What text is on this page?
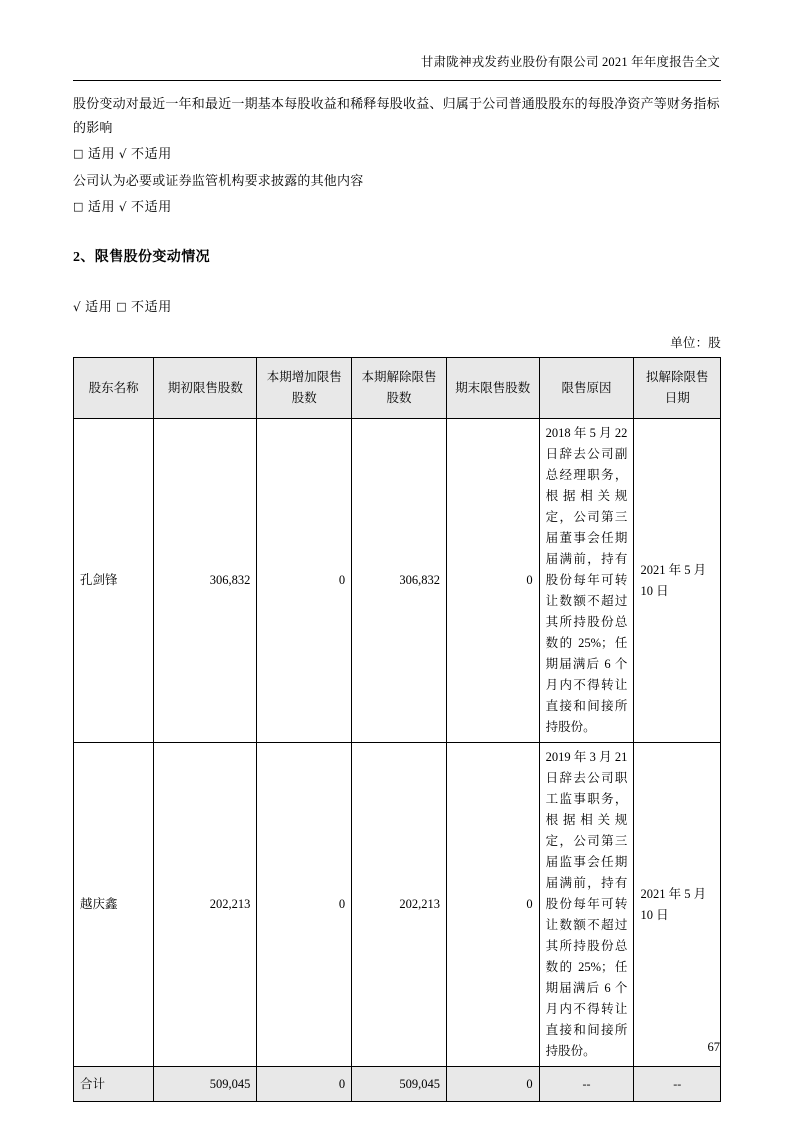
甘肃陇神戎发药业股份有限公司 2021 年年度报告全文

股份变动对最近一年和最近一期基本每股收益和稀释每股收益、归属于公司普通股股东的每股净资产等财务指标的影响

□ 适用 √ 不适用

公司认为必要或证券监管机构要求披露的其他内容

□ 适用 √ 不适用

2、限售股份变动情况

√ 适用 □ 不适用

单位：股

股东名称	期初限售股数	本期增加限售股数	本期解除限售股数	期末限售股数	限售原因	拟解除限售日期
孔剑锋	306,832	0	306,832	0	2018 年 5 月 22 日辞去公司副总经理职务，根据相关规定，公司第三届董事会任期届满前，持有股份每年可转让数额不超过其所持股份总数的 25%；任期届满后 6 个月内不得转让直接和间接所持股份。	2021 年 5 月 10 日
越庆鑫	202,213	0	202,213	0	2019 年 3 月 21 日辞去公司职工监事职务，根据相关规定，公司第三届监事会任期届满前，持有股份每年可转让数额不超过其所持股份总数的 25%；任期届满后 6 个月内不得转让直接和间接所持股份。	2021 年 5 月 10 日
合计	509,045	0	509,045	0	--	--
67
